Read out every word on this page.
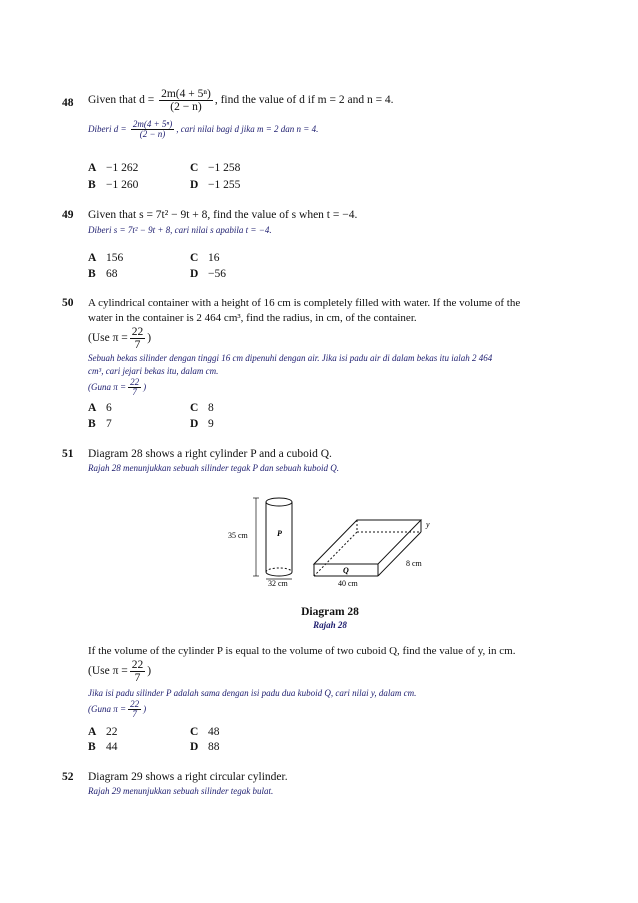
48 Given that $d = \frac{\text{2m(4 + 5ⁿ)}}{(2 - n)}$ , find the value of d if m = 2 and n = 4.
Diberi $d = \frac{\text{2m(4 + 5ⁿ)}}{(2 - n)}$ , cari nilai bagi d jika m = 2 dan n = 4.
A −1 262
B −1 260
C −1 258
D −1 255
49 Given that s = 7t² − 9t + 8, find the value of s when t = −4.
Diberi s = 7t² − 9t + 8, cari nilai s apabila t = −4.
A 156
B 68
C 16
D −56
50 A cylindrical container with a height of 16 cm is completely filled with water. If the volume of the
water in the container is 2 464 cm³, find the radius, in cm, of the container.
(Use $\pi = \frac{22}{7}$ )
Sebuah bekas silinder dengan tinggi 16 cm dipenuhi dengan air. Jika isi padu air di dalam bekas itu ialah 2 464
cm³, cari jejari bekas itu, dalam cm.
(Guna $\pi = \frac{22}{7}$ )
A 6
B 7
C 8
D 9
51 Diagram 28 shows a right cylinder P and a cuboid Q.
Rajah 28 menunjukkan sebuah silinder tegak P dan sebuah kuboid Q.
35 cm	P
32 cm
Q
40 cm
8 cm
y
Diagram 28
Rajah 28
If the volume of the cylinder P is equal to the volume of two cuboid Q, find the value of y, in cm.
(Use $\pi = \frac{22}{7}$ )
Jika isi padu silinder P adalah sama dengan isi padu dua kuboid Q, cari nilai y, dalam cm.
(Guna $\pi = \frac{22}{7}$ )
A 22
B 44
C 48
D 88
52 Diagram 29 shows a right circular cylinder.
Rajah 29 menunjukkan sebuah silinder tegak bulat.
